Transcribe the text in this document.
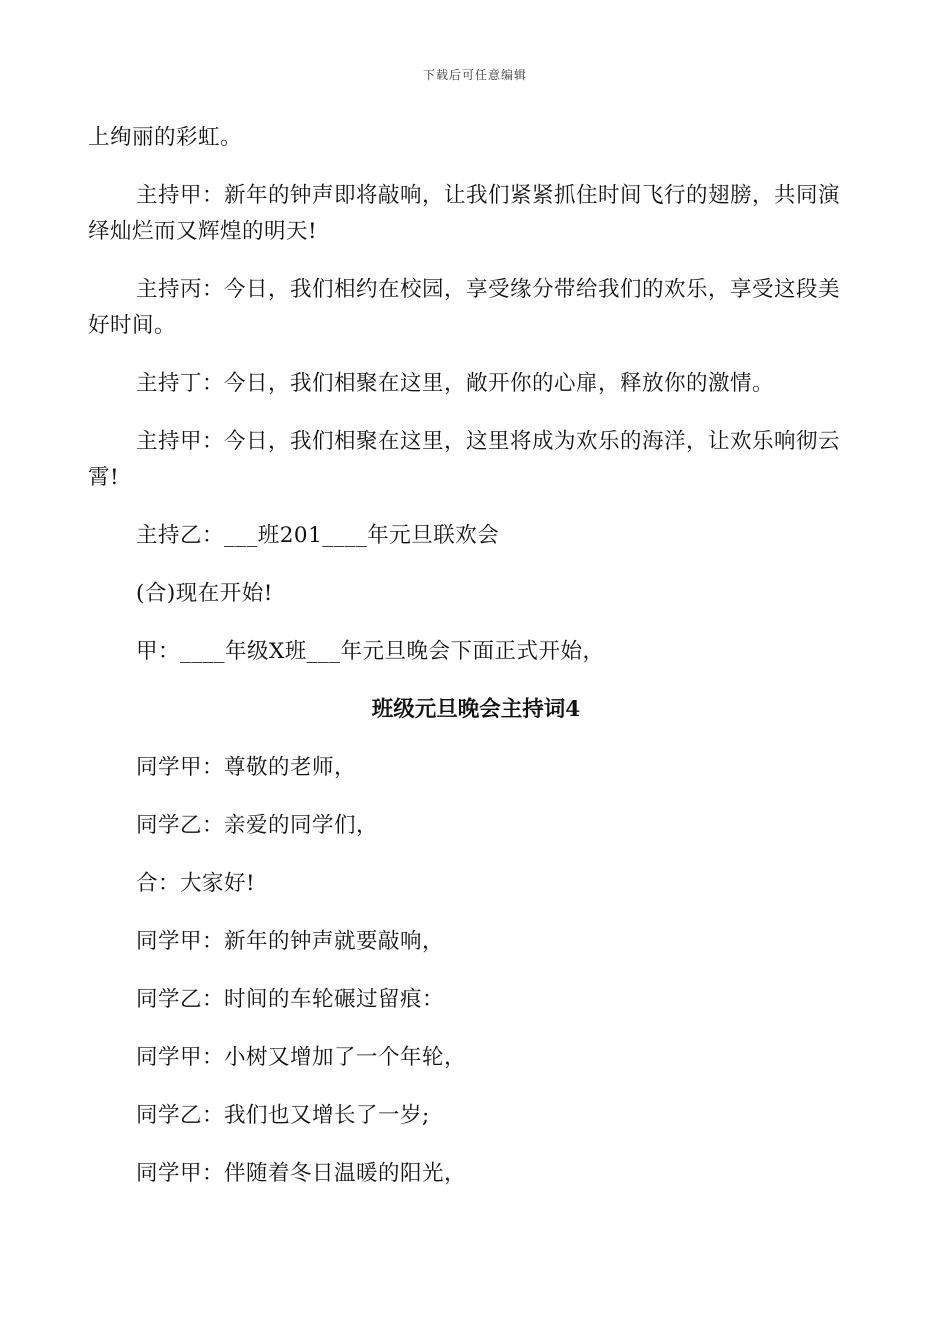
下载后可任意编辑

上绚丽的彩虹。

主持甲：新年的钟声即将敲响，让我们紧紧抓住时间飞行的翅膀，共同演绎灿烂而又辉煌的明天!

主持丙：今日，我们相约在校园，享受缘分带给我们的欢乐，享受这段美好时间。

主持丁：今日，我们相聚在这里，敞开你的心扉，释放你的激情。

主持甲：今日，我们相聚在这里，这里将成为欢乐的海洋，让欢乐响彻云霄!

主持乙：___班201____年元旦联欢会

(合)现在开始!

甲：____年级X班___年元旦晚会下面正式开始，

班级元旦晚会主持词4

同学甲：尊敬的老师，

同学乙：亲爱的同学们，

合：大家好!

同学甲：新年的钟声就要敲响，

同学乙：时间的车轮碾过留痕：

同学甲：小树又增加了一个年轮，

同学乙：我们也又增长了一岁;

同学甲：伴随着冬日温暖的阳光，
